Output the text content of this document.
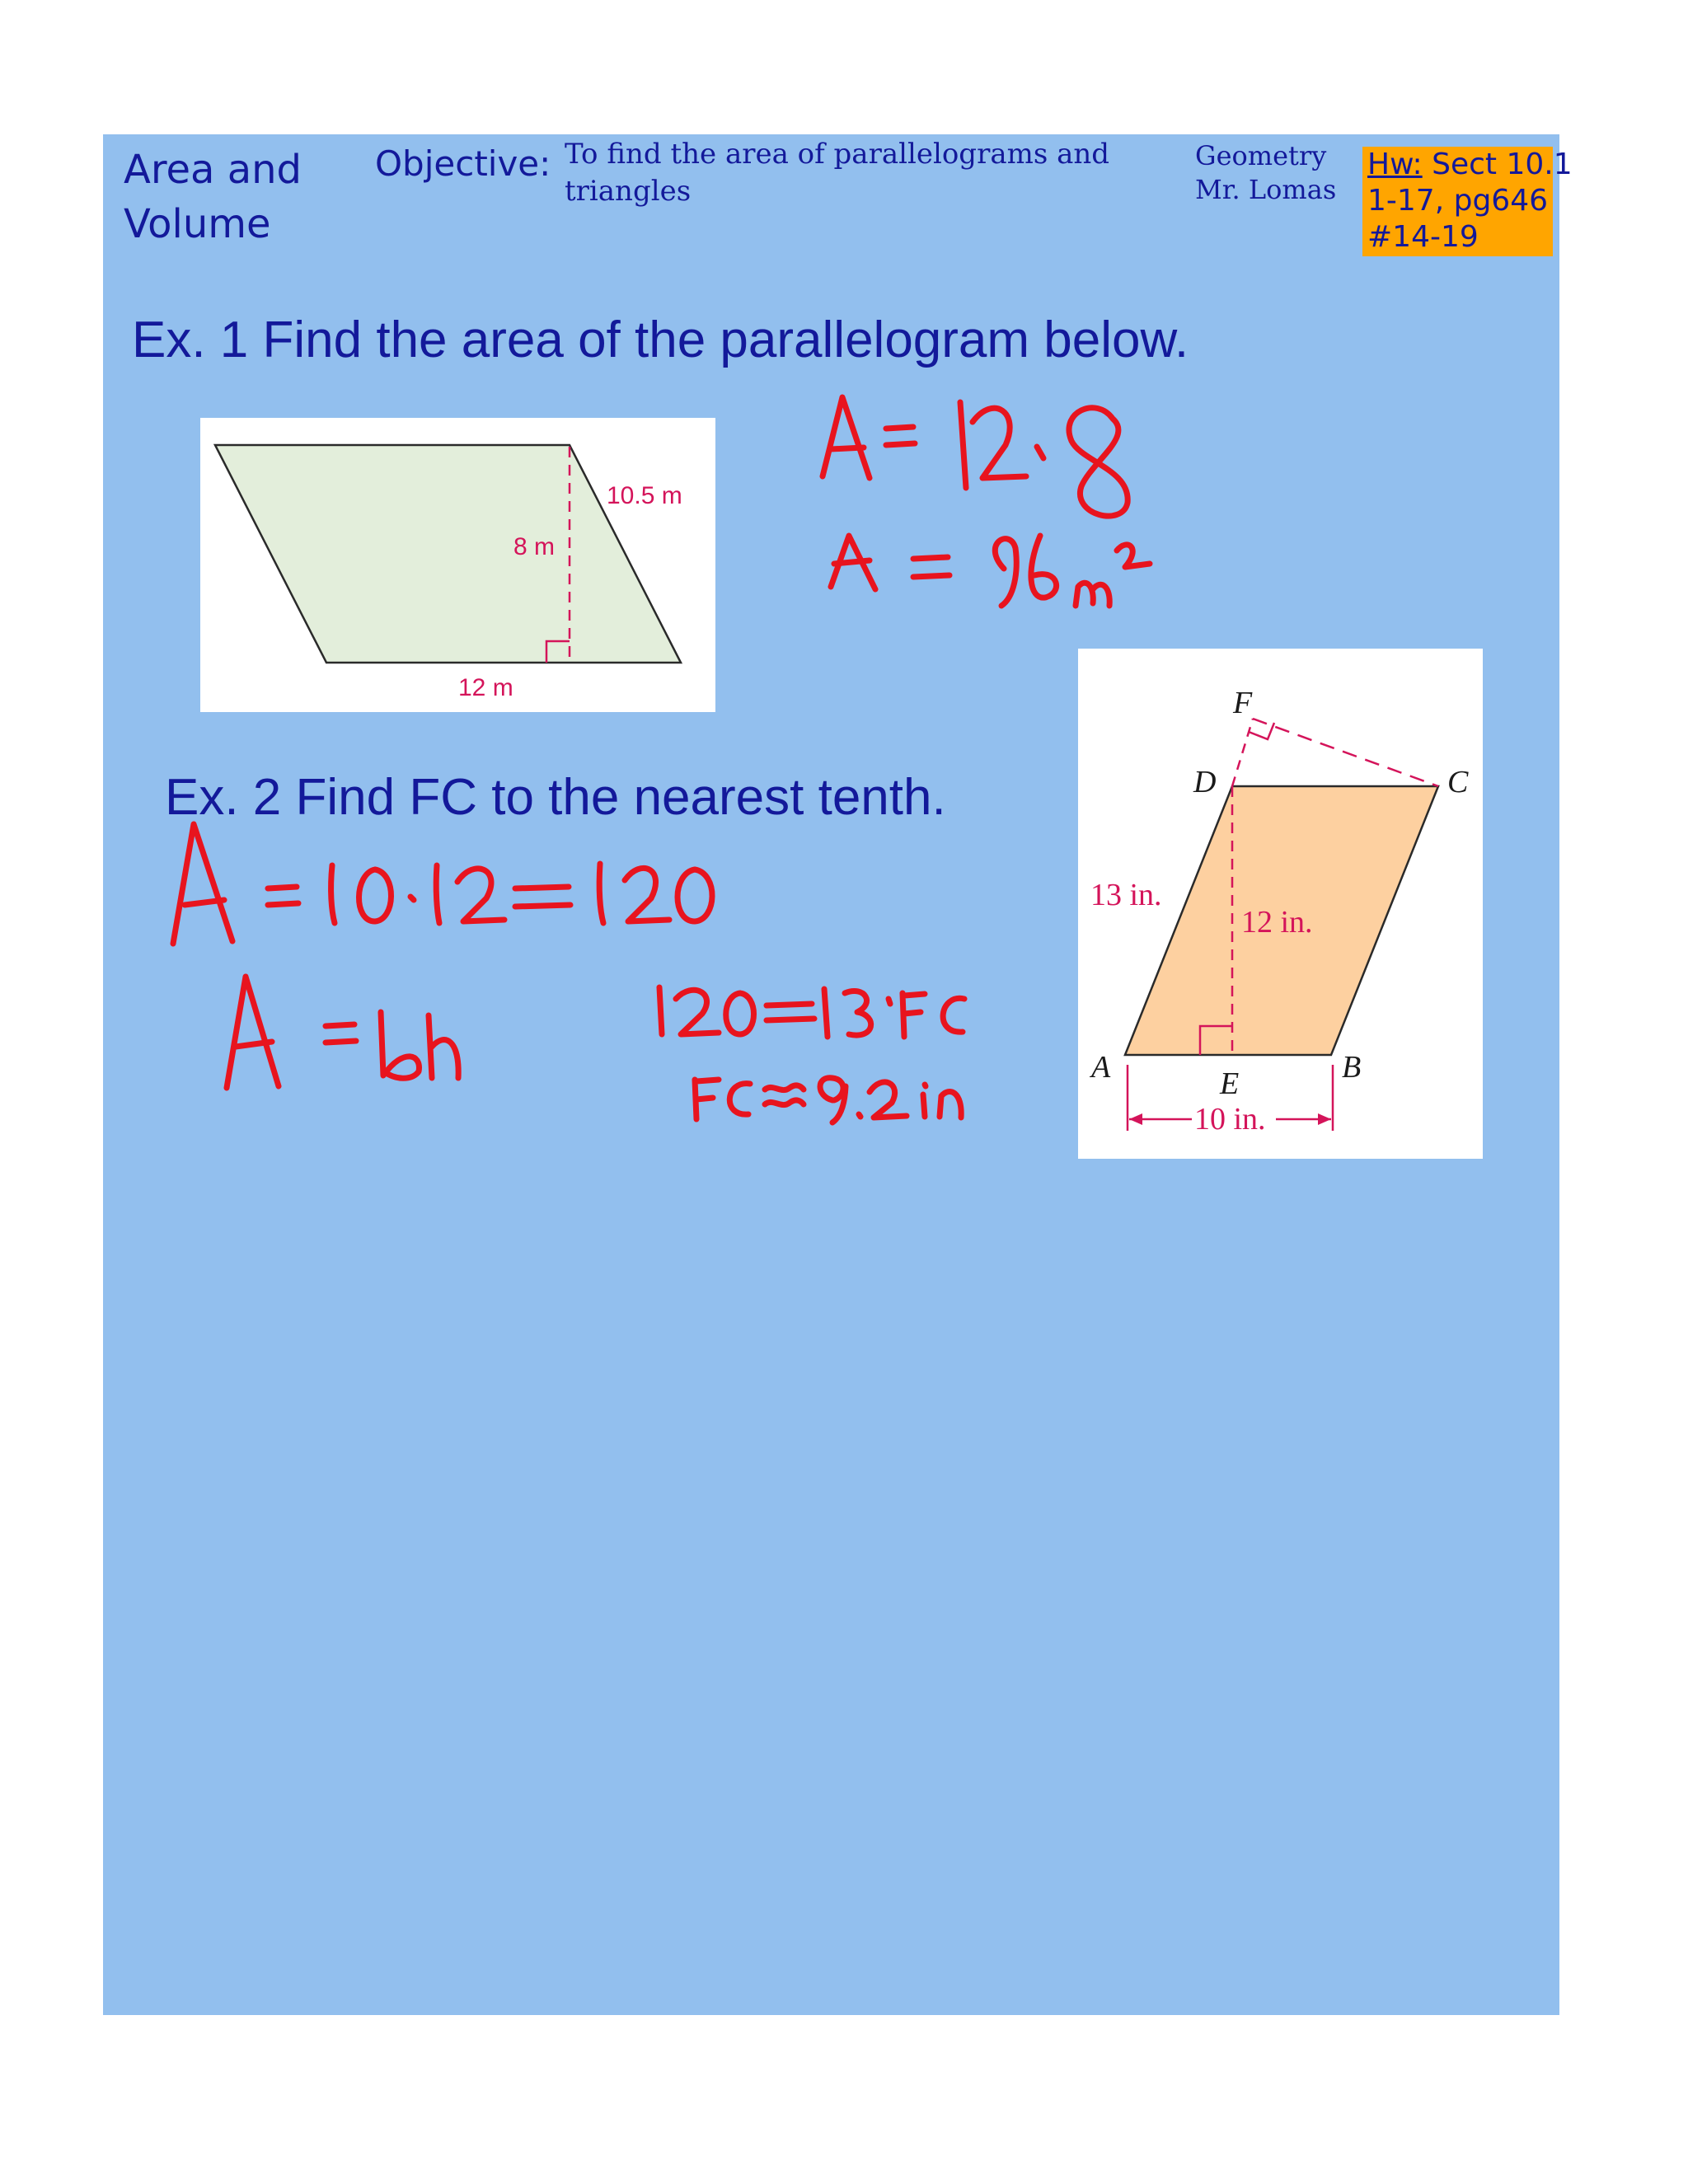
Area and
Volume
Objective: To find the area of parallelograms and triangles
Geometry
Mr. Lomas
Hw: Sect 10.1
1-17, pg646
#14-19
Ex. 1 Find the area of the parallelogram below.
10.5 m
8 m
12 m
Ex. 2 Find FC to the nearest tenth.
F
D	C
A	E	B
13 in.
12 in.
10 in.
